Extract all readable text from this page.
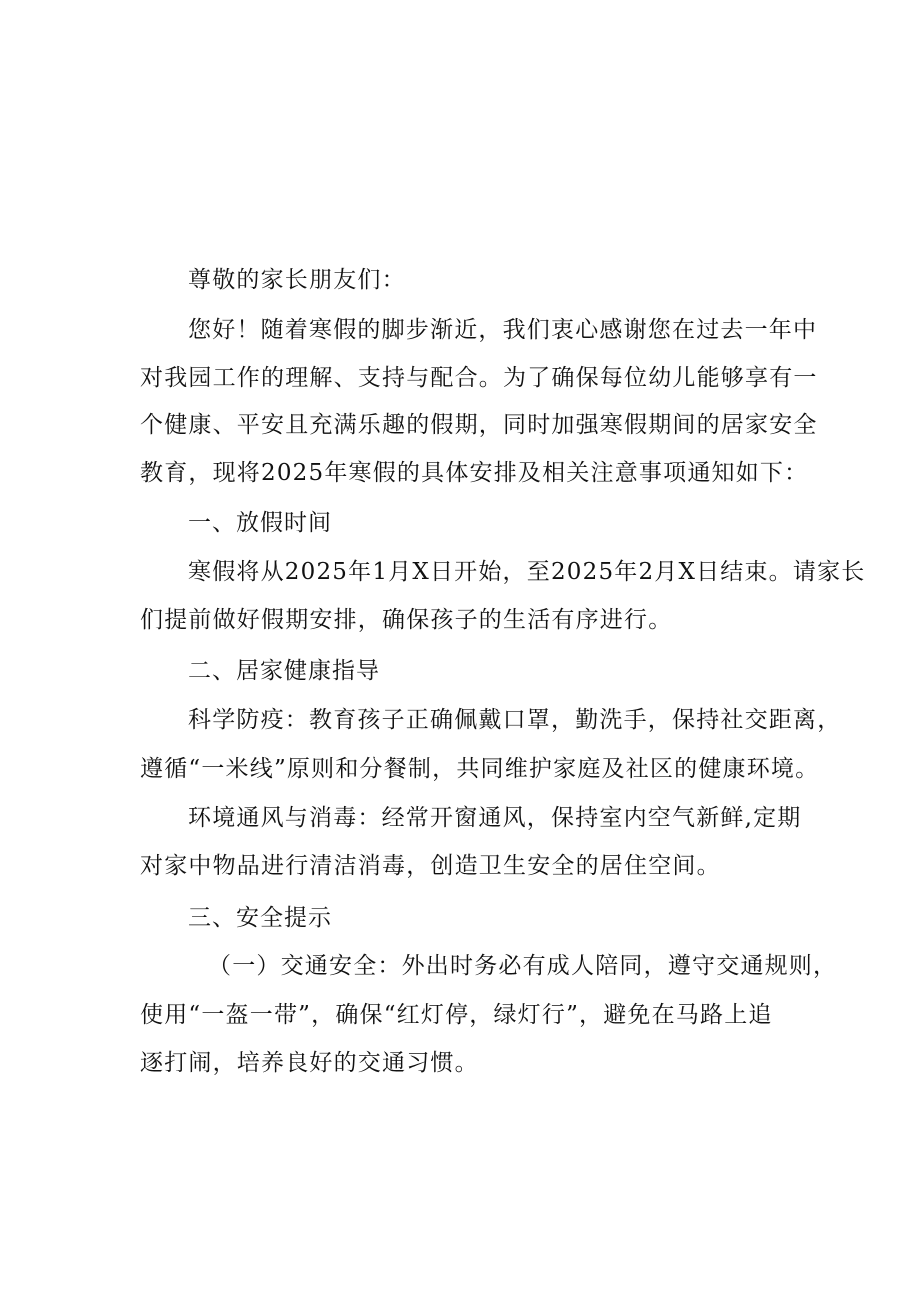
尊敬的家长朋友们：
您好！随着寒假的脚步渐近，我们衷心感谢您在过去一年中
对我园工作的理解、支持与配合。为了确保每位幼儿能够享有一
个健康、平安且充满乐趣的假期，同时加强寒假期间的居家安全
教育，现将2025年寒假的具体安排及相关注意事项通知如下：
一、放假时间
寒假将从2025年1月X日开始，至2025年2月X日结束。请家长
们提前做好假期安排，确保孩子的生活有序进行。
二、居家健康指导
科学防疫：教育孩子正确佩戴口罩，勤洗手，保持社交距离，
遵循“一米线”原则和分餐制，共同维护家庭及社区的健康环境。
环境通风与消毒：经常开窗通风，保持室内空气新鲜,定期
对家中物品进行清洁消毒，创造卫生安全的居住空间。
三、安全提示
（一）交通安全：外出时务必有成人陪同，遵守交通规则，
使用“一盔一带”，确保“红灯停，绿灯行”，避免在马路上追
逐打闹，培养良好的交通习惯。
